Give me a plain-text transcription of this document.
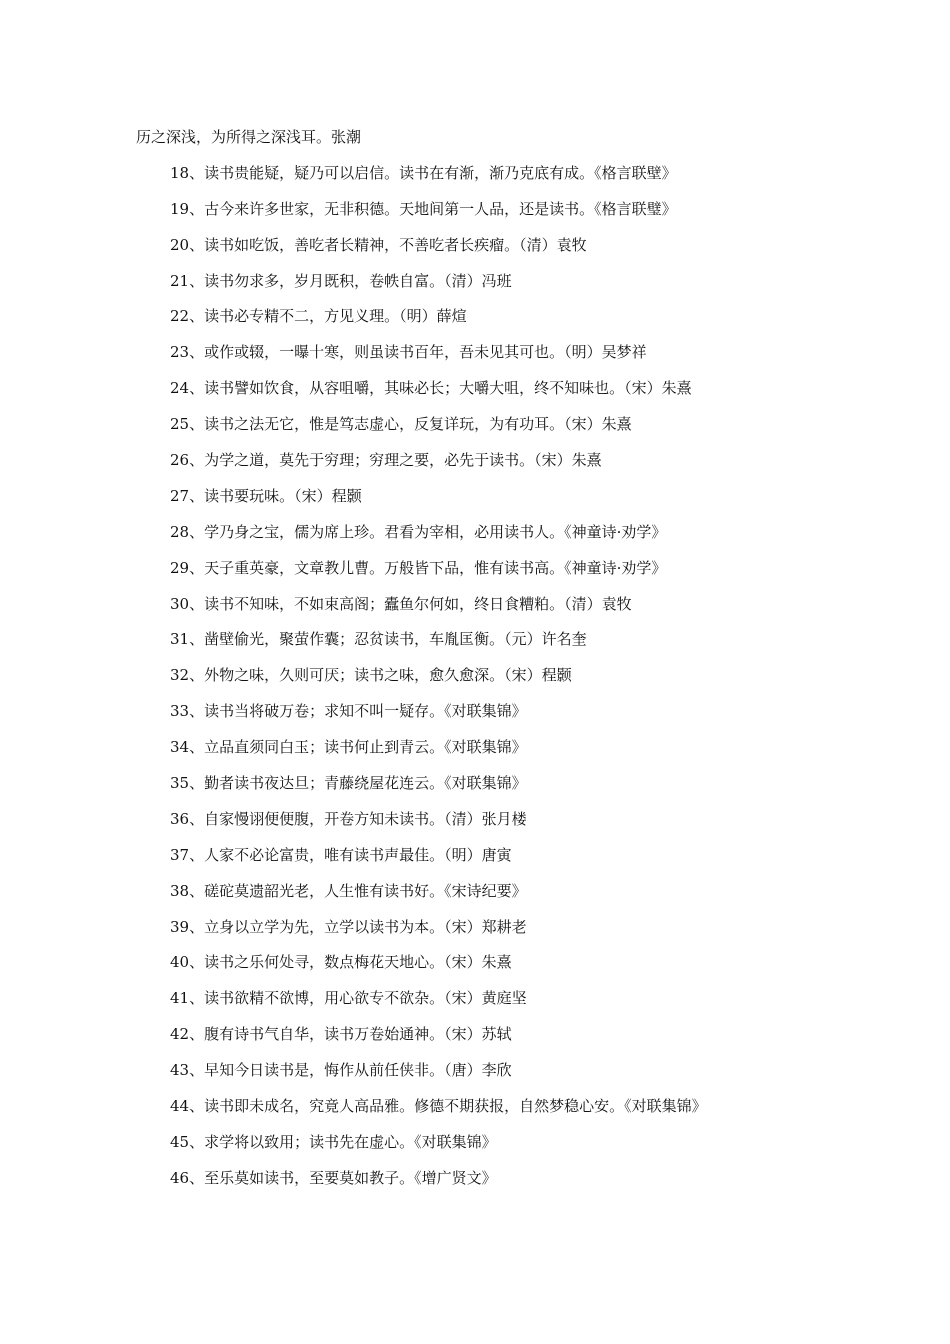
历之深浅，为所得之深浅耳。张潮
18、读书贵能疑，疑乃可以启信。读书在有渐，渐乃克底有成。《格言联壁》
19、古今来许多世家，无非积德。天地间第一人品，还是读书。《格言联璧》
20、读书如吃饭，善吃者长精神，不善吃者长疾瘤。（清）袁牧
21、读书勿求多，岁月既积，卷帙自富。（清）冯班
22、读书必专精不二，方见义理。（明）薛煊
23、或作或辍，一曝十寒，则虽读书百年，吾未见其可也。（明）吴梦祥
24、读书譬如饮食，从容咀嚼，其味必长；大嚼大咀，终不知味也。（宋）朱熹
25、读书之法无它，惟是笃志虚心，反复详玩，为有功耳。（宋）朱熹
26、为学之道，莫先于穷理；穷理之要，必先于读书。（宋）朱熹
27、读书要玩味。（宋）程颢
28、学乃身之宝，儒为席上珍。君看为宰相，必用读书人。《神童诗·劝学》
29、天子重英豪，文章教儿曹。万般皆下品，惟有读书高。《神童诗·劝学》
30、读书不知味，不如束高阁；蠹鱼尔何如，终日食糟粕。（清）袁牧
31、凿壁偷光，聚萤作囊；忍贫读书，车胤匡衡。（元）许名奎
32、外物之味，久则可厌；读书之味，愈久愈深。（宋）程颢
33、读书当将破万卷；求知不叫一疑存。《对联集锦》
34、立品直须同白玉；读书何止到青云。《对联集锦》
35、勤者读书夜达旦；青藤绕屋花连云。《对联集锦》
36、自家慢诩便便腹，开卷方知未读书。（清）张月楼
37、人家不必论富贵，唯有读书声最佳。（明）唐寅
38、磋砣莫遗韶光老，人生惟有读书好。《宋诗纪要》
39、立身以立学为先，立学以读书为本。（宋）郑耕老
40、读书之乐何处寻，数点梅花天地心。（宋）朱熹
41、读书欲精不欲博，用心欲专不欲杂。（宋）黄庭坚
42、腹有诗书气自华，读书万卷始通神。（宋）苏轼
43、早知今日读书是，悔作从前任侠非。（唐）李欣
44、读书即未成名，究竟人高品雅。修德不期获报，自然梦稳心安。《对联集锦》
45、求学将以致用；读书先在虚心。《对联集锦》
46、至乐莫如读书，至要莫如教子。《增广贤文》
